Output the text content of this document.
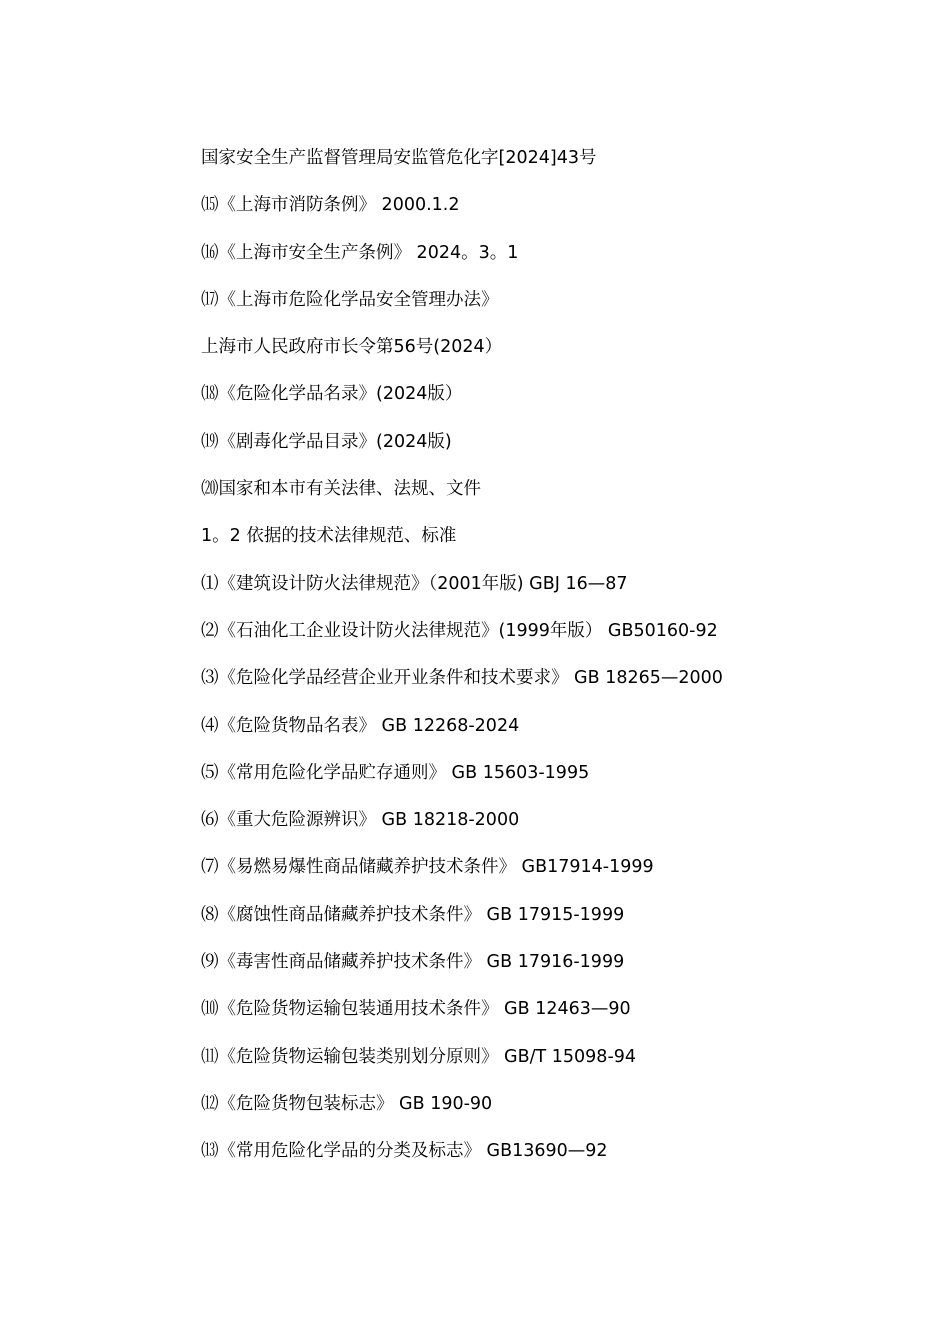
国家安全生产监督管理局安监管危化字[2024]43号
⒂《上海市消防条例》 2000.1.2
⒃《上海市安全生产条例》 2024。3。1
⒄《上海市危险化学品安全管理办法》
上海市人民政府市长令第56号(2024）
⒅《危险化学品名录》(2024版）
⒆《剧毒化学品目录》(2024版)
⒇国家和本市有关法律、法规、文件
1。2 依据的技术法律规范、标准
⑴《建筑设计防火法律规范》（2001年版) GBJ 16—87
⑵《石油化工企业设计防火法律规范》(1999年版） GB50160-92
⑶《危险化学品经营企业开业条件和技术要求》 GB 18265—2000
⑷《危险货物品名表》 GB 12268-2024
⑸《常用危险化学品贮存通则》 GB 15603-1995
⑹《重大危险源辨识》 GB 18218-2000
⑺《易燃易爆性商品储藏养护技术条件》 GB17914-1999
⑻《腐蚀性商品储藏养护技术条件》 GB 17915-1999
⑼《毒害性商品储藏养护技术条件》 GB 17916-1999
⑽《危险货物运输包装通用技术条件》 GB 12463—90
⑾《危险货物运输包装类别划分原则》 GB/T 15098-94
⑿《危险货物包装标志》 GB 190-90
⒀《常用危险化学品的分类及标志》 GB13690—92
